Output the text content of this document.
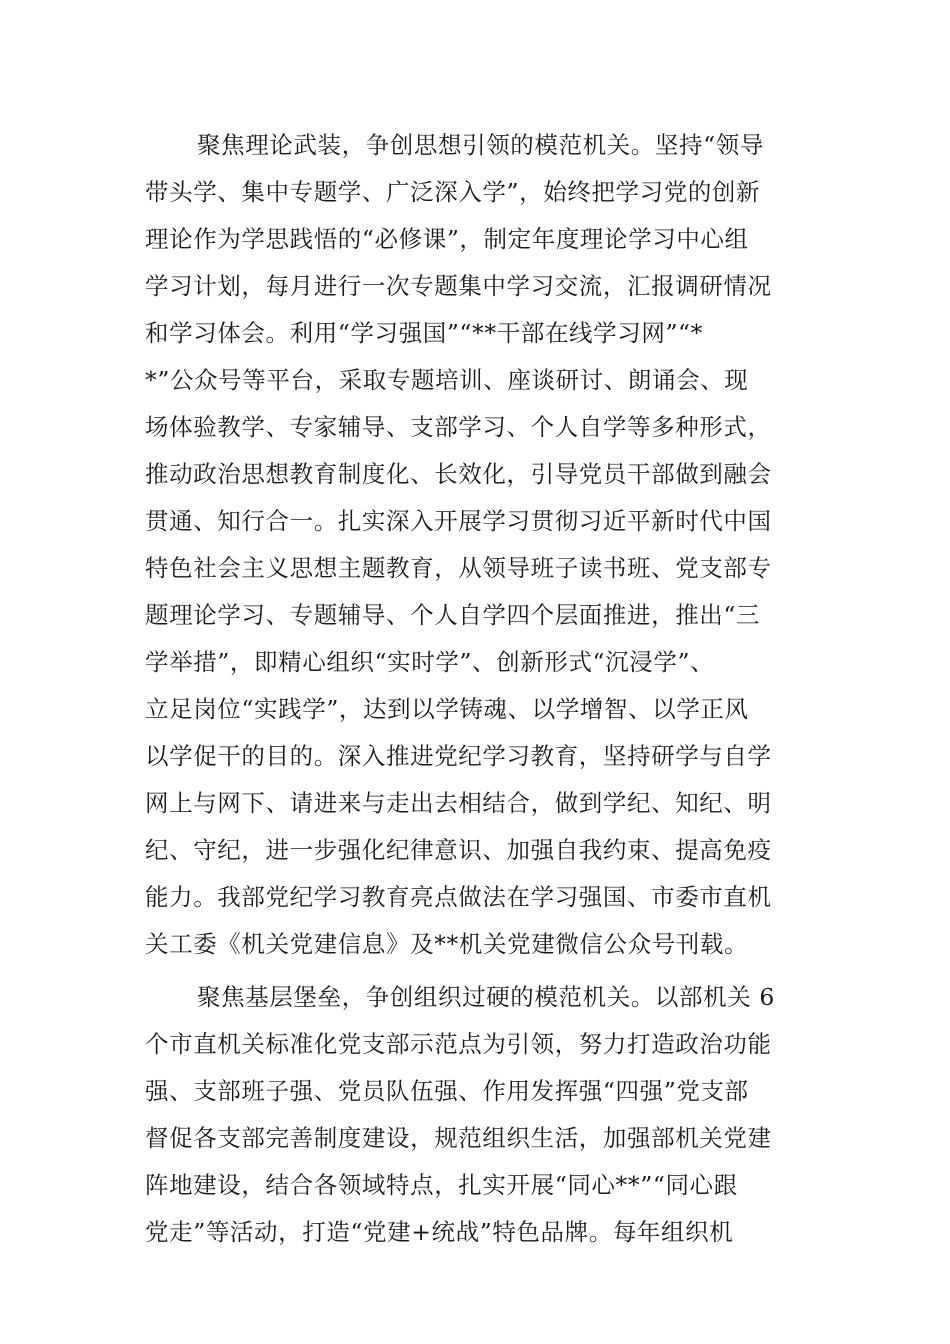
聚焦理论武装，争创思想引领的模范机关。坚持“领导
带头学、集中专题学、广泛深入学”，始终把学习党的创新
理论作为学思践悟的“必修课”，制定年度理论学习中心组
学习计划，每月进行一次专题集中学习交流，汇报调研情况
和学习体会。利用“学习强国”“**干部在线学习网”“*
*”公众号等平台，采取专题培训、座谈研讨、朗诵会、现
场体验教学、专家辅导、支部学习、个人自学等多种形式，
推动政治思想教育制度化、长效化，引导党员干部做到融会
贯通、知行合一。扎实深入开展学习贯彻习近平新时代中国
特色社会主义思想主题教育，从领导班子读书班、党支部专
题理论学习、专题辅导、个人自学四个层面推进，推出“三
学举措”，即精心组织“实时学”、创新形式“沉浸学”、
立足岗位“实践学”，达到以学铸魂、以学增智、以学正风
以学促干的目的。深入推进党纪学习教育，坚持研学与自学
网上与网下、请进来与走出去相结合，做到学纪、知纪、明
纪、守纪，进一步强化纪律意识、加强自我约束、提高免疫
能力。我部党纪学习教育亮点做法在学习强国、市委市直机
关工委《机关党建信息》及**机关党建微信公众号刊载。
聚焦基层堡垒，争创组织过硬的模范机关。以部机关 6
个市直机关标准化党支部示范点为引领，努力打造政治功能
强、支部班子强、党员队伍强、作用发挥强“四强”党支部
督促各支部完善制度建设，规范组织生活，加强部机关党建
阵地建设，结合各领域特点，扎实开展“同心**”“同心跟
党走”等活动，打造“党建+统战”特色品牌。每年组织机
